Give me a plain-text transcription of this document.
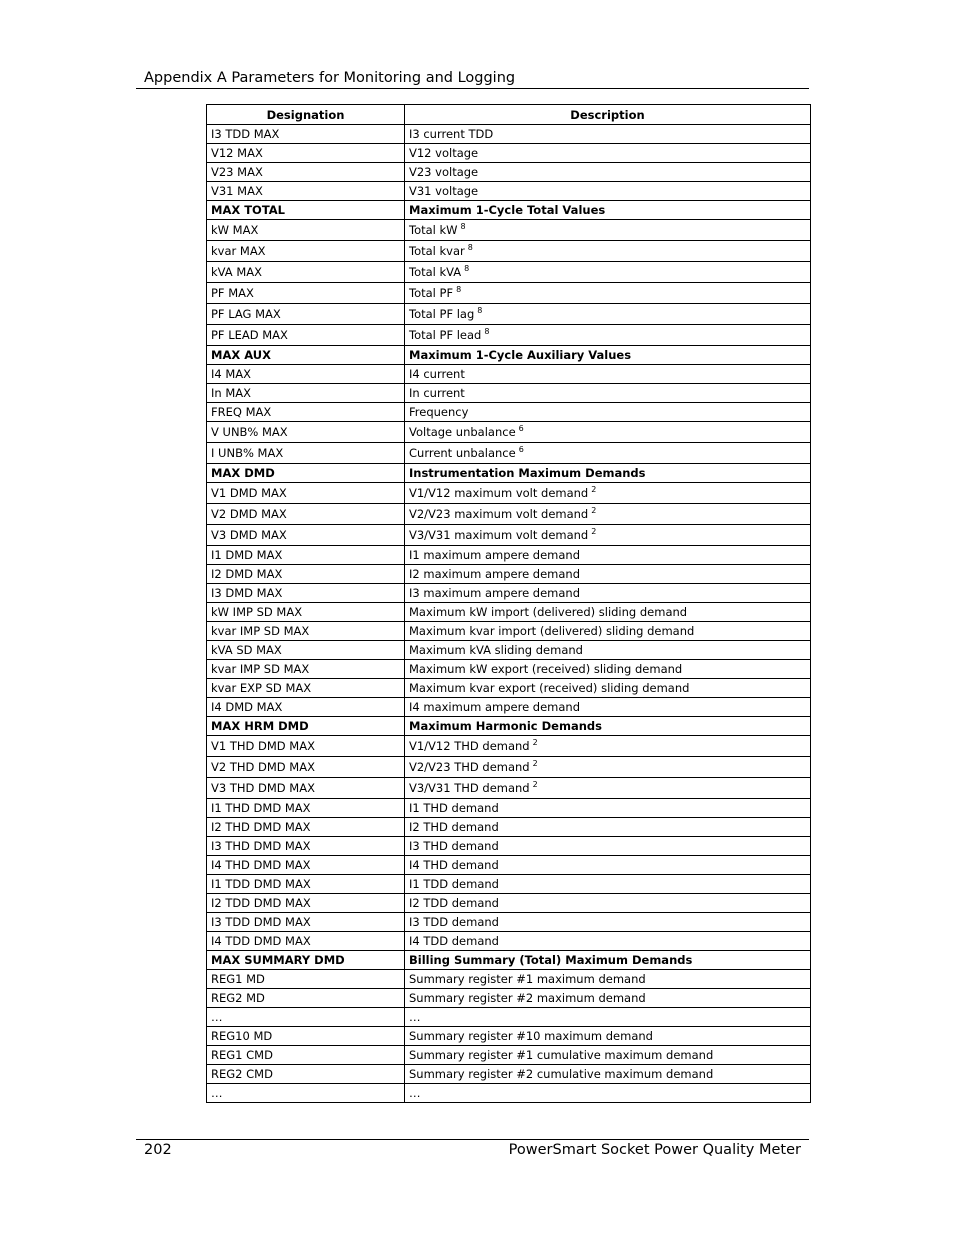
Appendix A Parameters for Monitoring and Logging
Designation	Description
I3 TDD MAX	I3 current TDD
V12 MAX	V12 voltage
V23 MAX	V23 voltage
V31 MAX	V31 voltage
MAX TOTAL	Maximum 1-Cycle Total Values
kW MAX	Total kW $^8$
kvar MAX	Total kvar $^8$
kVA MAX	Total kVA $^8$
PF MAX	Total PF $^8$
PF LAG MAX	Total PF lag $^8$
PF LEAD MAX	Total PF lead $^8$
MAX AUX	Maximum 1-Cycle Auxiliary Values
I4 MAX	I4 current
In MAX	In current
FREQ MAX	Frequency
V UNB% MAX	Voltage unbalance $^6$
I UNB% MAX	Current unbalance $^6$
MAX DMD	Instrumentation Maximum Demands
V1 DMD MAX	V1/V12 maximum volt demand $^2$
V2 DMD MAX	V2/V23 maximum volt demand $^2$
V3 DMD MAX	V3/V31 maximum volt demand $^2$
I1 DMD MAX	I1 maximum ampere demand
I2 DMD MAX	I2 maximum ampere demand
I3 DMD MAX	I3 maximum ampere demand
kW IMP SD MAX	Maximum kW import (delivered) sliding demand
kvar IMP SD MAX	Maximum kvar import (delivered) sliding demand
kVA SD MAX	Maximum kVA sliding demand
kvar IMP SD MAX	Maximum kW export (received) sliding demand
kvar EXP SD MAX	Maximum kvar export (received) sliding demand
I4 DMD MAX	I4 maximum ampere demand
MAX HRM DMD	Maximum Harmonic Demands
V1 THD DMD MAX	V1/V12 THD demand $^2$
V2 THD DMD MAX	V2/V23 THD demand $^2$
V3 THD DMD MAX	V3/V31 THD demand $^2$
I1 THD DMD MAX	I1 THD demand
I2 THD DMD MAX	I2 THD demand
I3 THD DMD MAX	I3 THD demand
I4 THD DMD MAX	I4 THD demand
I1 TDD DMD MAX	I1 TDD demand
I2 TDD DMD MAX	I2 TDD demand
I3 TDD DMD MAX	I3 TDD demand
I4 TDD DMD MAX	I4 TDD demand
MAX SUMMARY DMD	Billing Summary (Total) Maximum Demands
REG1 MD	Summary register #1 maximum demand
REG2 MD	Summary register #2 maximum demand
…	…
REG10 MD	Summary register #10 maximum demand
REG1 CMD	Summary register #1 cumulative maximum demand
REG2 CMD	Summary register #2 cumulative maximum demand
…	…
202	PowerSmart Socket Power Quality Meter
